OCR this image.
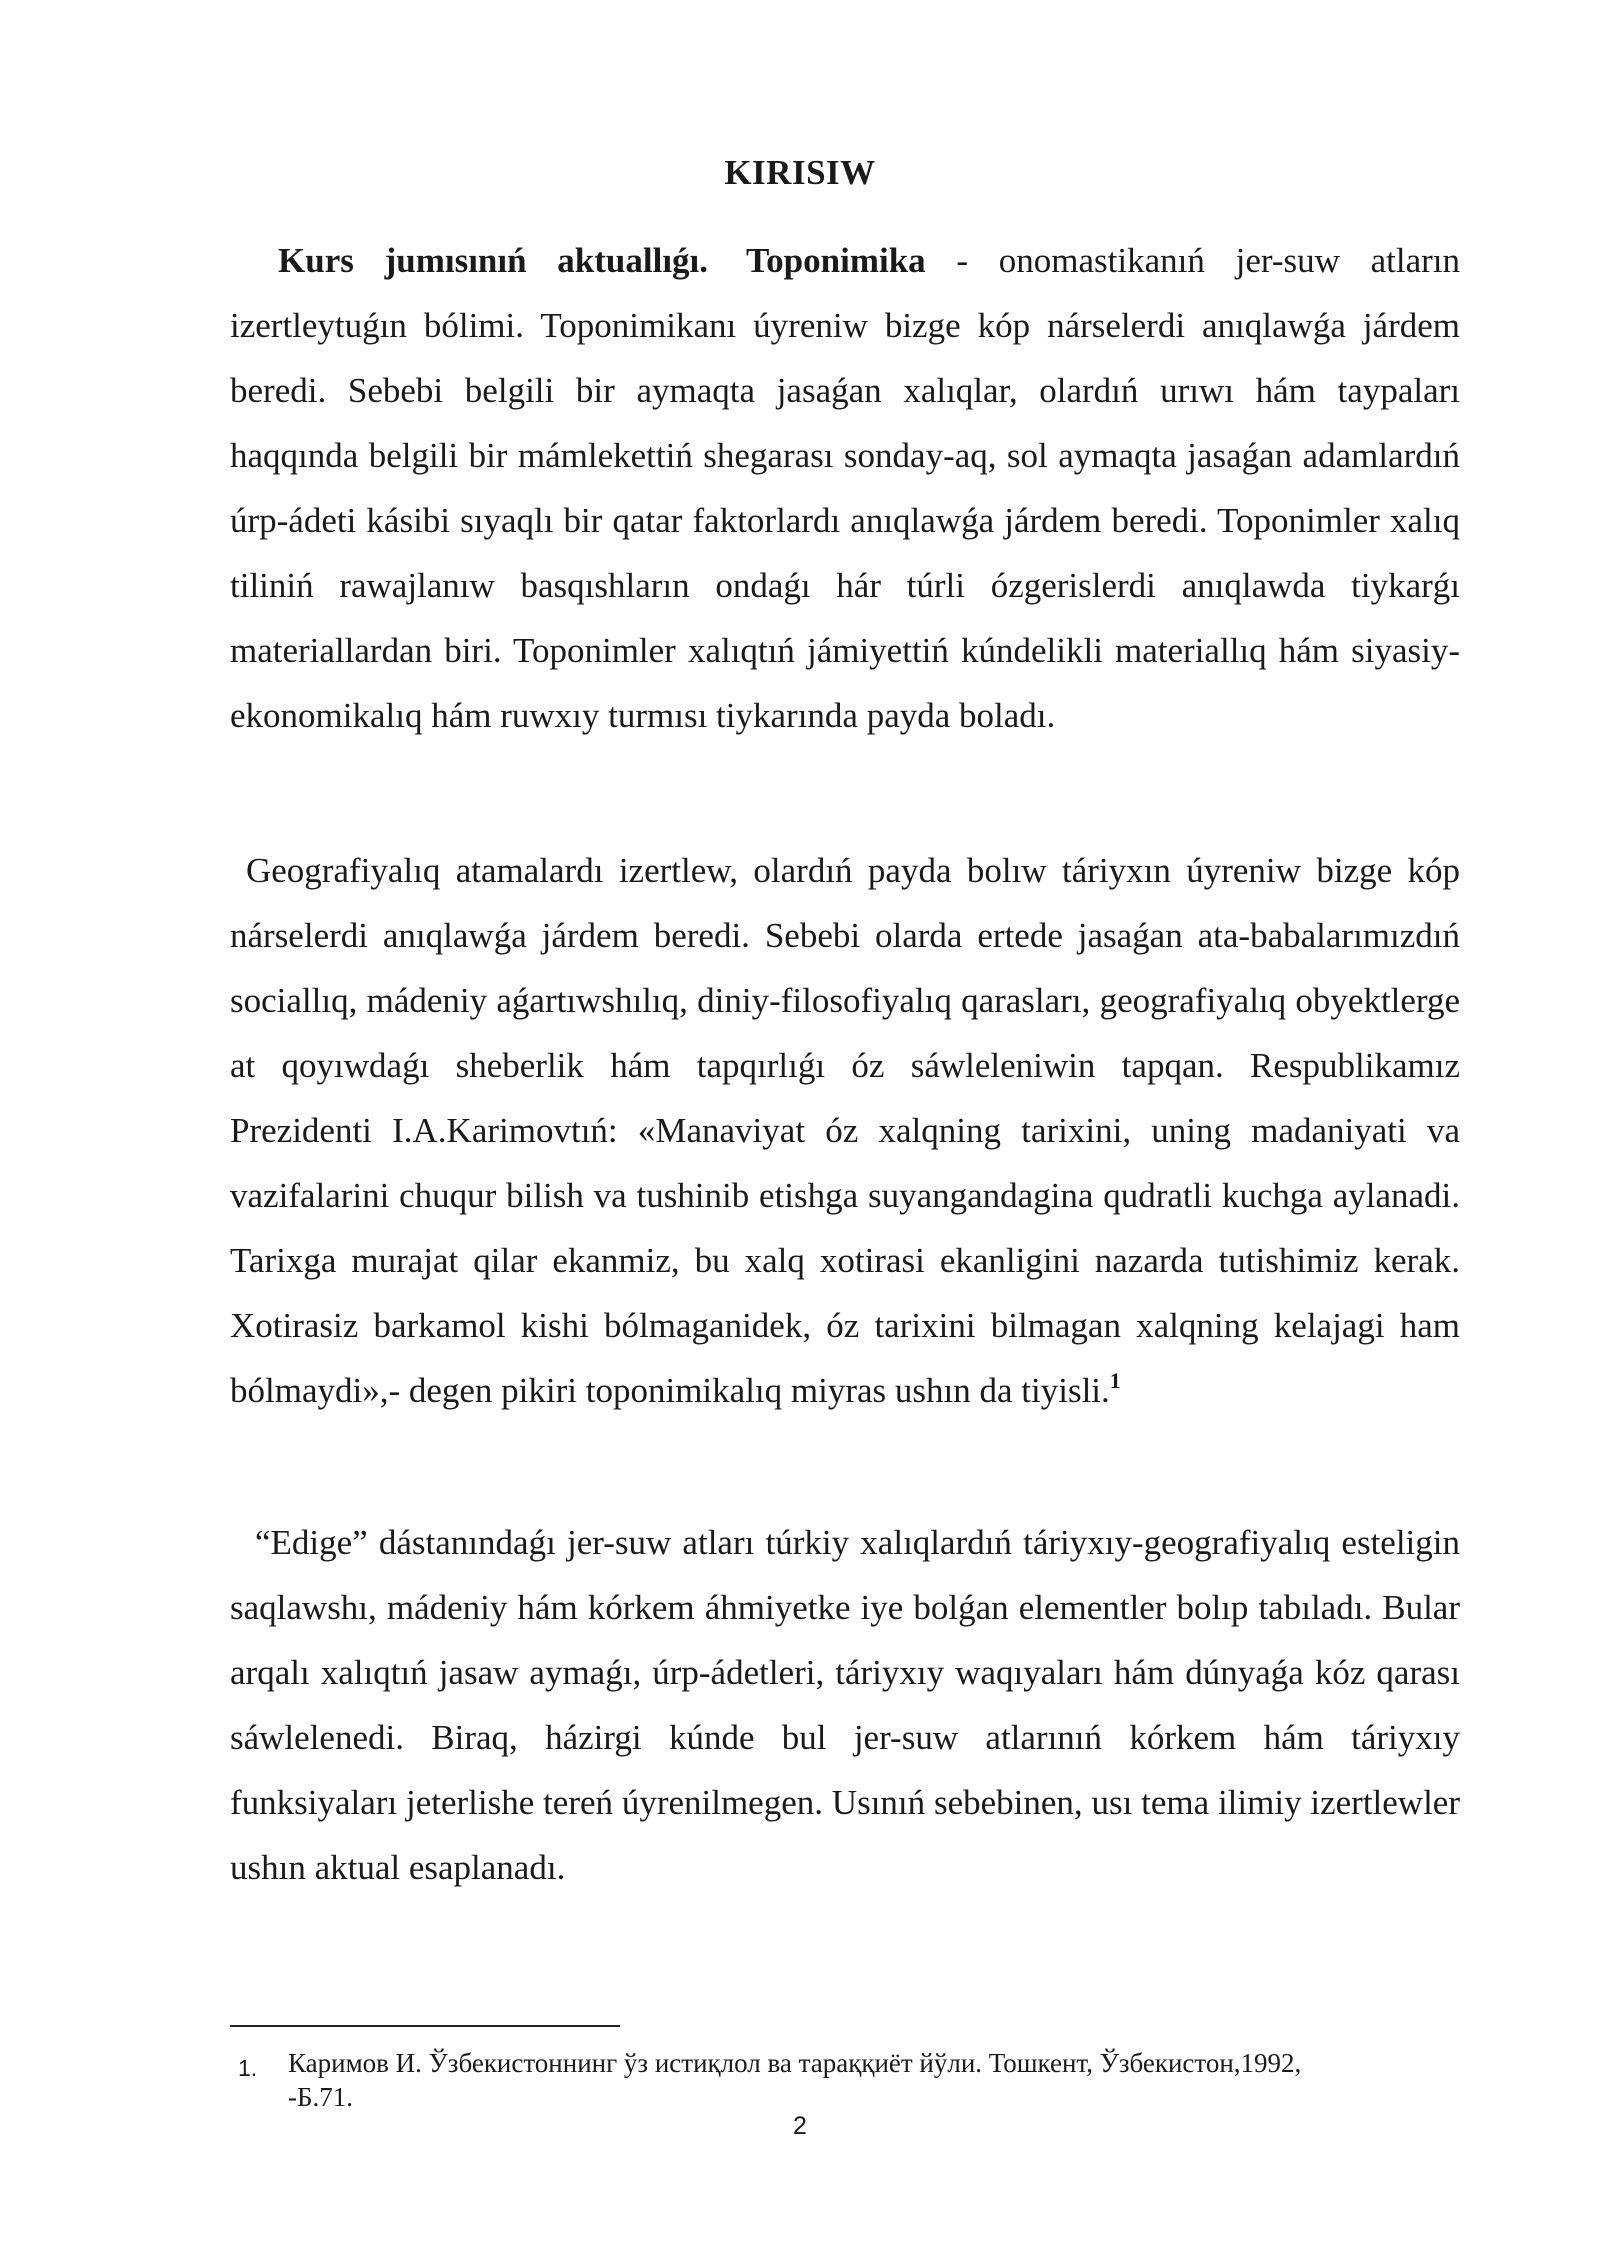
KIRISIW

Kurs jumısınıń aktuallıǵı. Toponimika - onomastikanıń jer-suw atların izertleytuǵın bólimi. Toponimikanı úyreniw bizge kóp nárselerdi anıqlawǵa járdem beredi. Sebebi belgili bir aymaqta jasaǵan xalıqlar, olardıń urıwı hám taypaları haqqında belgili bir mámlekettiń shegarası sonday-aq, sol aymaqta jasaǵan adamlardıń úrp-ádeti kásibi sıyaqlı bir qatar faktorlardı anıqlawǵa járdem beredi. Toponimler xalıq tiliniń rawajlanıw basqıshların ondaǵı hár túrli ózgerislerdi anıqlawda tiykarǵı materiallardan biri. Toponimler xalıqtıń jámiyettiń kúndelikli materiallıq hám siyasiy-ekonomikalıq hám ruwxıy turmısı tiykarında payda boladı.

Geografiyalıq atamalardı izertlew, olardıń payda bolıw táriyxın úyreniw bizge kóp nárselerdi anıqlawǵa járdem beredi. Sebebi olarda ertede jasaǵan ata-babalarımızdıń sociallıq, mádeniy aǵartıwshılıq, diniy-filosofiyalıq qarasları, geografiyalıq obyektlerge at qoyıwdaǵı sheberlik hám tapqırlıǵı óz sáwleleniwin tapqan. Respublikamız Prezidenti I.A.Karimovtıń: «Manaviyat óz xalqning tarixini, uning madaniyati va vazifalarini chuqur bilish va tushinib etishga suyangandagina qudratli kuchga aylanadi. Tarixga murajat qilar ekanmiz, bu xalq xotirasi ekanligini nazarda tutishimiz kerak. Xotirasiz barkamol kishi bólmaganidek, óz tarixini bilmagan xalqning kelajagi ham bólmaydi»,- degen pikiri toponimikalıq miyras ushın da tiyisli.$^1$

“Edige” dástanındaǵı jer-suw atları túrkiy xalıqlardıń táriyxıy-geografiyalıq esteligin saqlawshı, mádeniy hám kórkem áhmiyetke iye bolǵan elementler bolıp tabıladı. Bular arqalı xalıqtıń jasaw aymaǵı, úrp-ádetleri, táriyxıy waqıyaları hám dúnyaǵa kóz qarası sáwlelenedi. Biraq, házirgi kúnde bul jer-suw atlarınıń kórkem hám táriyxıy funksiyaları jeterlishe tereń úyrenilmegen. Usınıń sebebinen, usı tema ilimiy izertlewler ushın aktual esaplanadı.

1. Каримов И. Ўзбекистоннинг ўз истиқлол ва тараққиёт йўли. Тошкент, Ўзбекистон,1992, -Б.71.

2
